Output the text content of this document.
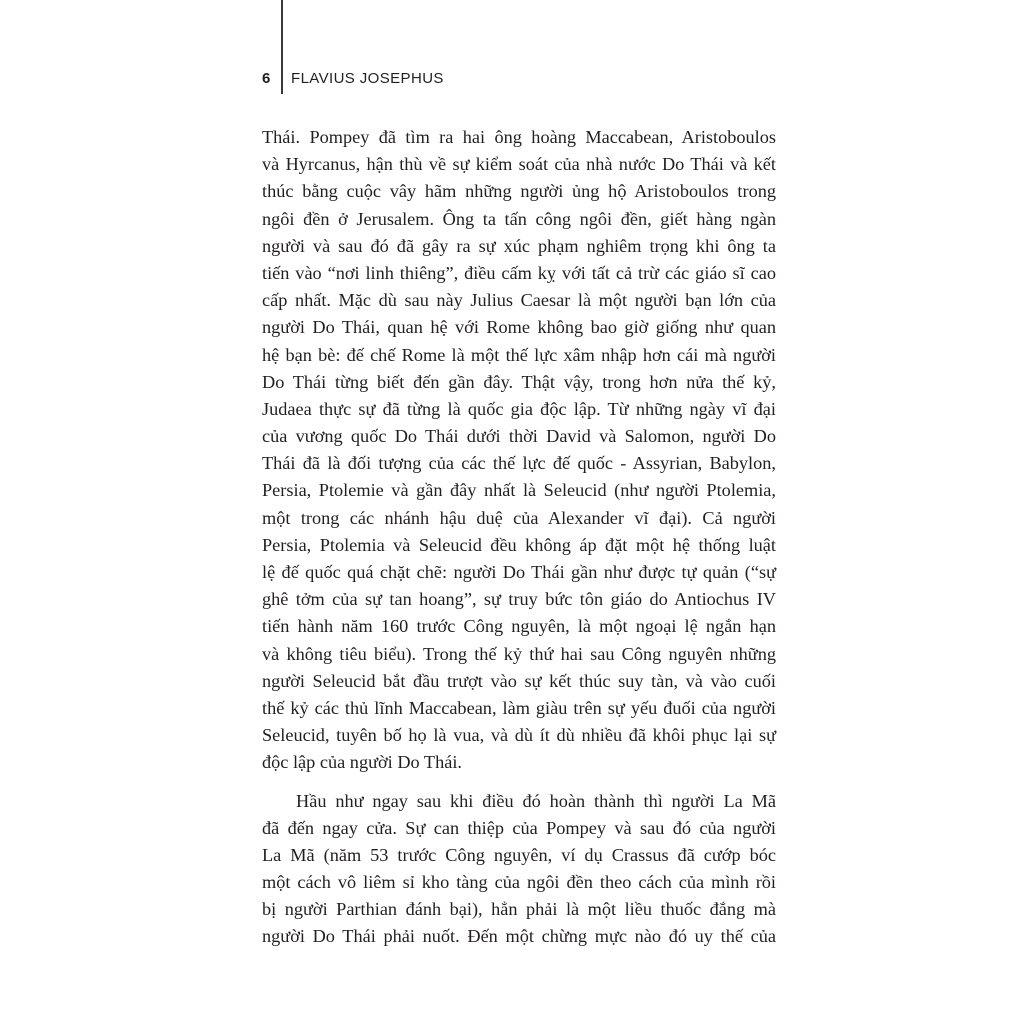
6 FLAVIUS JOSEPHUS
Thái. Pompey đã tìm ra hai ông hoàng Maccabean, Aristoboulos
và Hyrcanus, hận thù về sự kiểm soát của nhà nước Do Thái và kết
thúc bằng cuộc vây hãm những người ủng hộ Aristoboulos trong
ngôi đền ở Jerusalem. Ông ta tấn công ngôi đền, giết hàng ngàn
người và sau đó đã gây ra sự xúc phạm nghiêm trọng khi ông ta
tiến vào “nơi linh thiêng”, điều cấm kỵ với tất cả trừ các giáo sĩ cao
cấp nhất. Mặc dù sau này Julius Caesar là một người bạn lớn của
người Do Thái, quan hệ với Rome không bao giờ giống như quan
hệ bạn bè: đế chế Rome là một thế lực xâm nhập hơn cái mà người
Do Thái từng biết đến gần đây. Thật vậy, trong hơn nửa thế kỷ,
Judaea thực sự đã từng là quốc gia độc lập. Từ những ngày vĩ đại
của vương quốc Do Thái dưới thời David và Salomon, người Do
Thái đã là đối tượng của các thế lực đế quốc - Assyrian, Babylon,
Persia, Ptolemie và gần đây nhất là Seleucid (như người Ptolemia,
một trong các nhánh hậu duệ của Alexander vĩ đại). Cả người
Persia, Ptolemia và Seleucid đều không áp đặt một hệ thống luật
lệ đế quốc quá chặt chẽ: người Do Thái gần như được tự quản (“sự
ghê tởm của sự tan hoang”, sự truy bức tôn giáo do Antiochus IV
tiến hành năm 160 trước Công nguyên, là một ngoại lệ ngắn hạn
và không tiêu biểu). Trong thế kỷ thứ hai sau Công nguyên những
người Seleucid bắt đầu trượt vào sự kết thúc suy tàn, và vào cuối
thế kỷ các thủ lĩnh Maccabean, làm giàu trên sự yếu đuối của người
Seleucid, tuyên bố họ là vua, và dù ít dù nhiều đã khôi phục lại sự
độc lập của người Do Thái.
Hầu như ngay sau khi điều đó hoàn thành thì người La Mã
đã đến ngay cửa. Sự can thiệp của Pompey và sau đó của người
La Mã (năm 53 trước Công nguyên, ví dụ Crassus đã cướp bóc
một cách vô liêm sỉ kho tàng của ngôi đền theo cách của mình rồi
bị người Parthian đánh bại), hẳn phải là một liều thuốc đắng mà
người Do Thái phải nuốt. Đến một chừng mực nào đó uy thế của
